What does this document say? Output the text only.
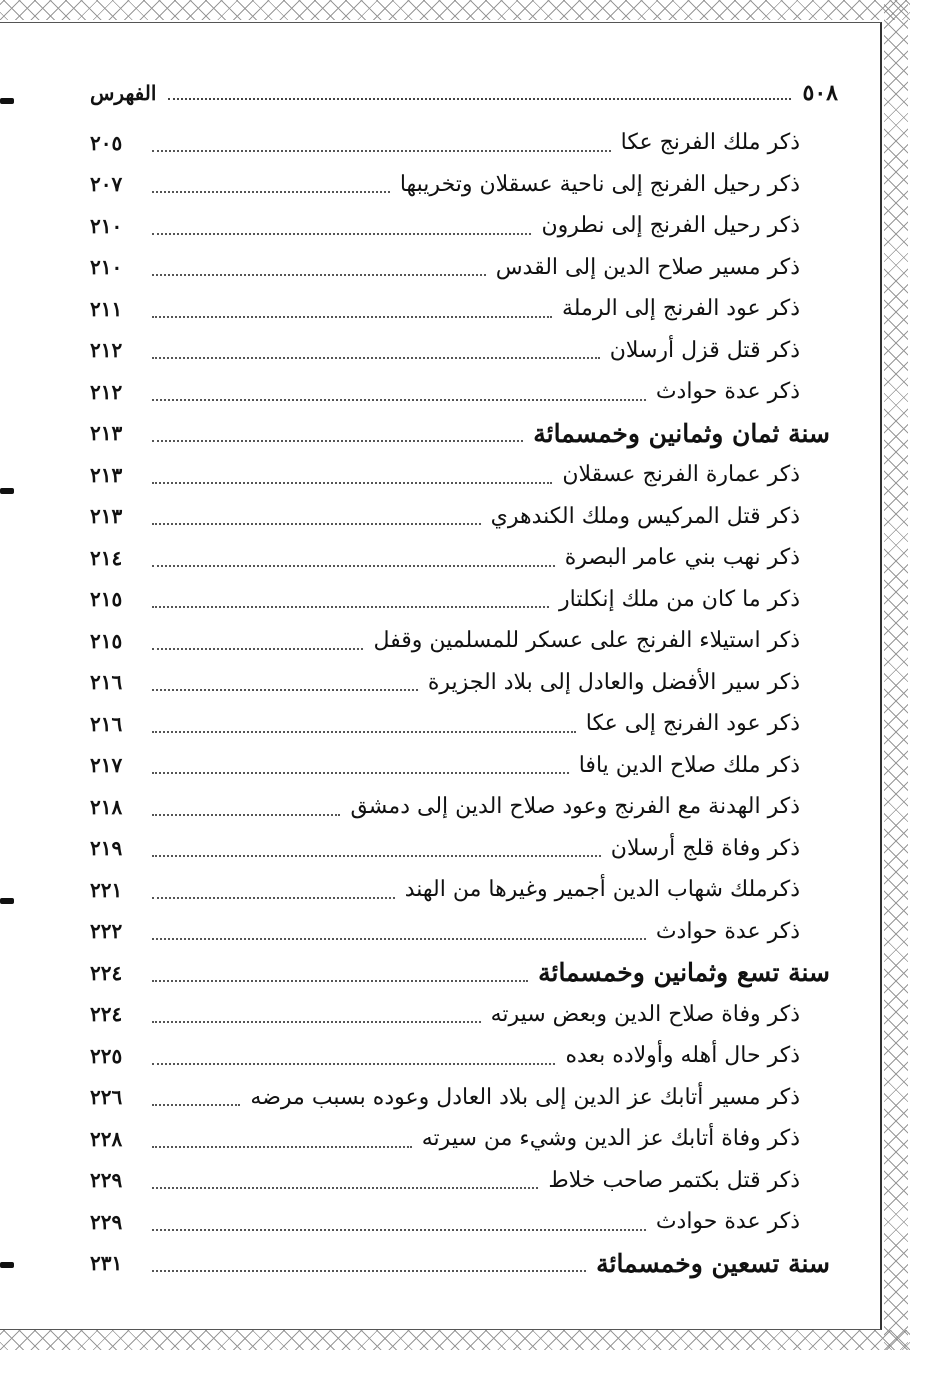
٥٠٨
الفهرس
ذكر ملك الفرنج عكا
٢٠٥
ذكر رحيل الفرنج إلى ناحية عسقلان وتخريبها
٢٠٧
ذكر رحيل الفرنج إلى نطرون
٢١٠
ذكر مسير صلاح الدين إلى القدس
٢١٠
ذكر عود الفرنج إلى الرملة
٢١١
ذكر قتل قزل أرسلان
٢١٢
ذكر عدة حوادث
٢١٢
سنة ثمان وثمانين وخمسمائة
٢١٣
ذكر عمارة الفرنج عسقلان
٢١٣
ذكر قتل المركيس وملك الكندهري
٢١٣
ذكر نهب بني عامر البصرة
٢١٤
ذكر ما كان من ملك إنكلتار
٢١٥
ذكر استيلاء الفرنج على عسكر للمسلمين وقفل
٢١٥
ذكر سير الأفضل والعادل إلى بلاد الجزيرة
٢١٦
ذكر عود الفرنج إلى عكا
٢١٦
ذكر ملك صلاح الدين يافا
٢١٧
ذكر الهدنة مع الفرنج وعود صلاح الدين إلى دمشق
٢١٨
ذكر وفاة قلج أرسلان
٢١٩
ذكرملك شهاب الدين أجمير وغيرها من الهند
٢٢١
ذكر عدة حوادث
٢٢٢
سنة تسع وثمانين وخمسمائة
٢٢٤
ذكر وفاة صلاح الدين وبعض سيرته
٢٢٤
ذكر حال أهله وأولاده بعده
٢٢٥
ذكر مسير أتابك عز الدين إلى بلاد العادل وعوده بسبب مرضه
٢٢٦
ذكر وفاة أتابك عز الدين وشيء من سيرته
٢٢٨
ذكر قتل بكتمر صاحب خلاط
٢٢٩
ذكر عدة حوادث
٢٢٩
سنة تسعين وخمسمائة
٢٣١
